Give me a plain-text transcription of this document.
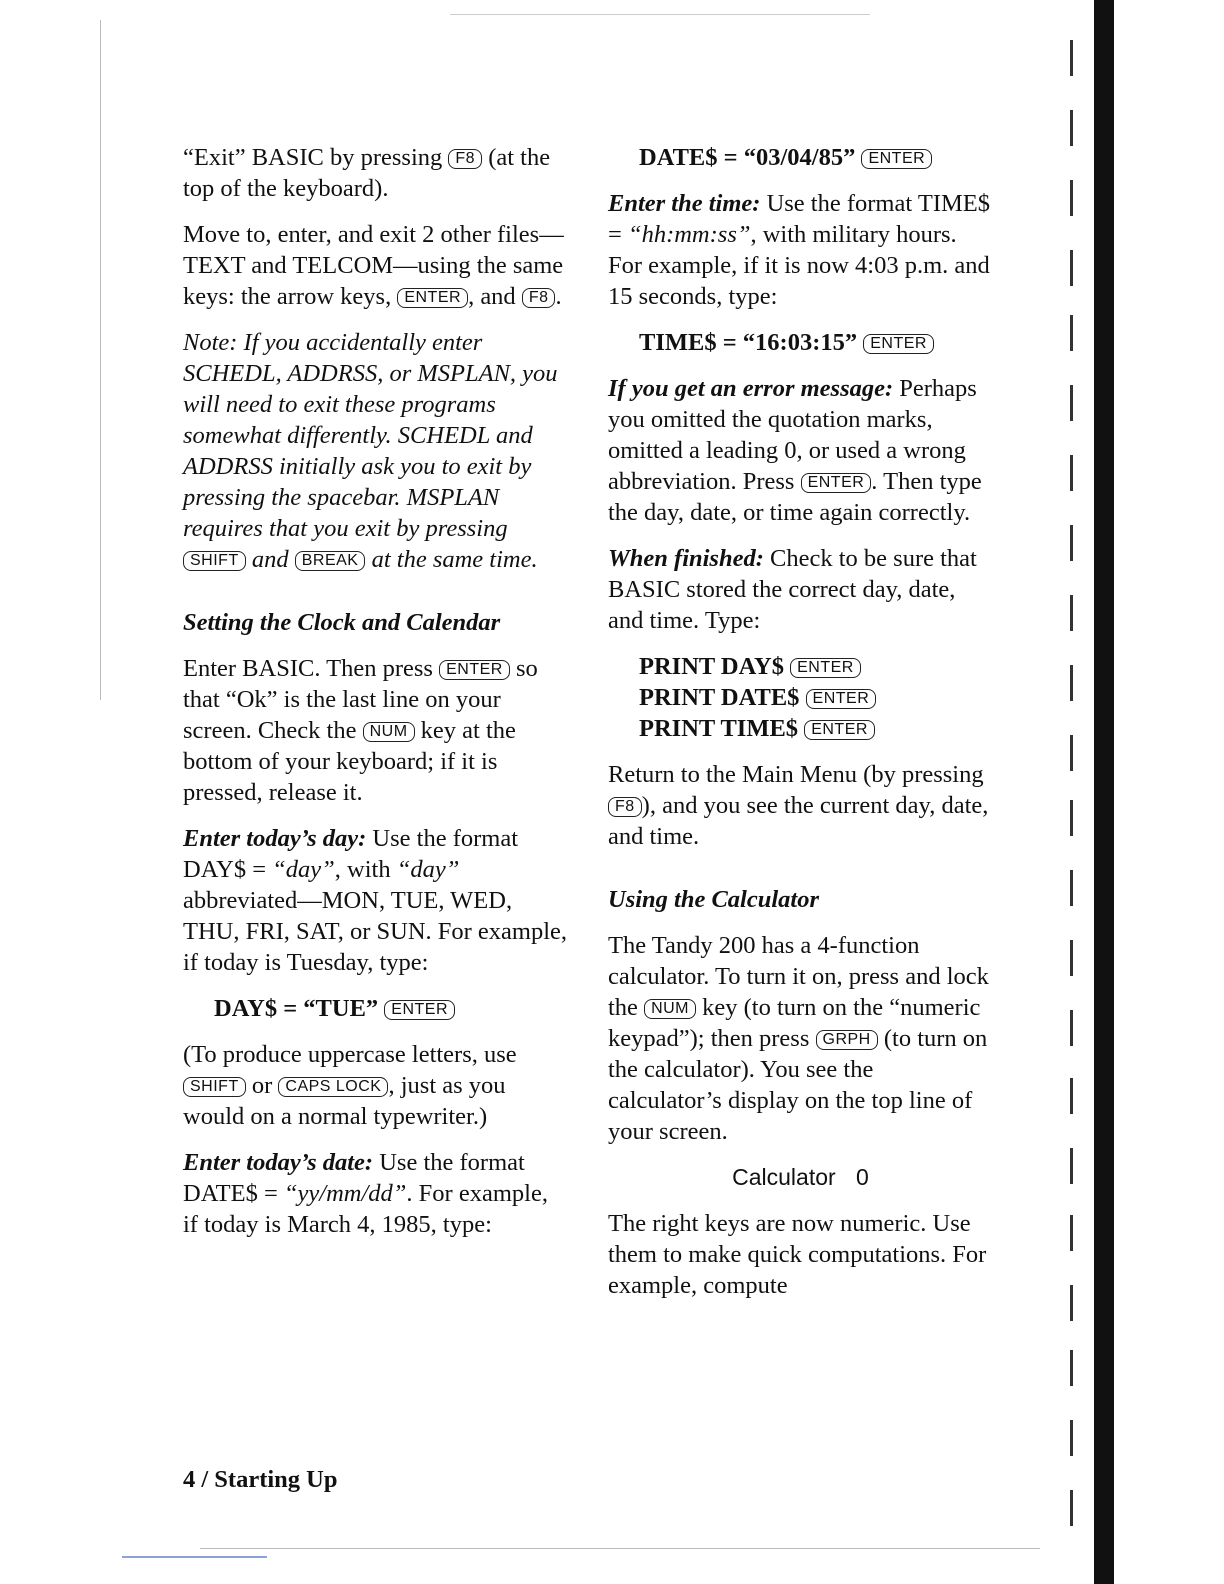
“Exit” BASIC by pressing F8 (at the top of the keyboard).

Move to, enter, and exit 2 other files—TEXT and TELCOM—using the same keys: the arrow keys, ENTER , and F8 .

Note: If you accidentally enter SCHEDL, ADDRSS, or MSPLAN, you will need to exit these programs somewhat differently. SCHEDL and ADDRSS initially ask you to exit by pressing the spacebar. MSPLAN requires that you exit by pressing SHIFT and BREAK at the same time.

Setting the Clock and Calendar

Enter BASIC. Then press ENTER so that “Ok” is the last line on your screen. Check the NUM key at the bottom of your keyboard; if it is pressed, release it.

Enter today’s day: Use the format DAY$ = “day”, with “day” abbreviated—MON, TUE, WED, THU, FRI, SAT, or SUN. For example, if today is Tuesday, type:

DAY$ = “TUE” ENTER

(To produce uppercase letters, use SHIFT or CAPS LOCK , just as you would on a normal typewriter.)

Enter today’s date: Use the format DATE$ = “yy/mm/dd”. For example, if today is March 4, 1985, type:

DATE$ = “03/04/85” ENTER

Enter the time: Use the format TIME$ = “hh:mm:ss”, with military hours. For example, if it is now 4:03 p.m. and 15 seconds, type:

TIME$ = “16:03:15” ENTER

If you get an error message: Perhaps you omitted the quotation marks, omitted a leading 0, or used a wrong abbreviation. Press ENTER . Then type the day, date, or time again correctly.

When finished: Check to be sure that BASIC stored the correct day, date, and time. Type:

PRINT DAY$ ENTER
PRINT DATE$ ENTER
PRINT TIME$ ENTER

Return to the Main Menu (by pressing F8 ), and you see the current day, date, and time.

Using the Calculator

The Tandy 200 has a 4-function calculator. To turn it on, press and lock the NUM key (to turn on the “numeric keypad”); then press GRPH (to turn on the calculator). You see the calculator’s display on the top line of your screen.

Calculator 0

The right keys are now numeric. Use them to make quick computations. For example, compute

4 / Starting Up
